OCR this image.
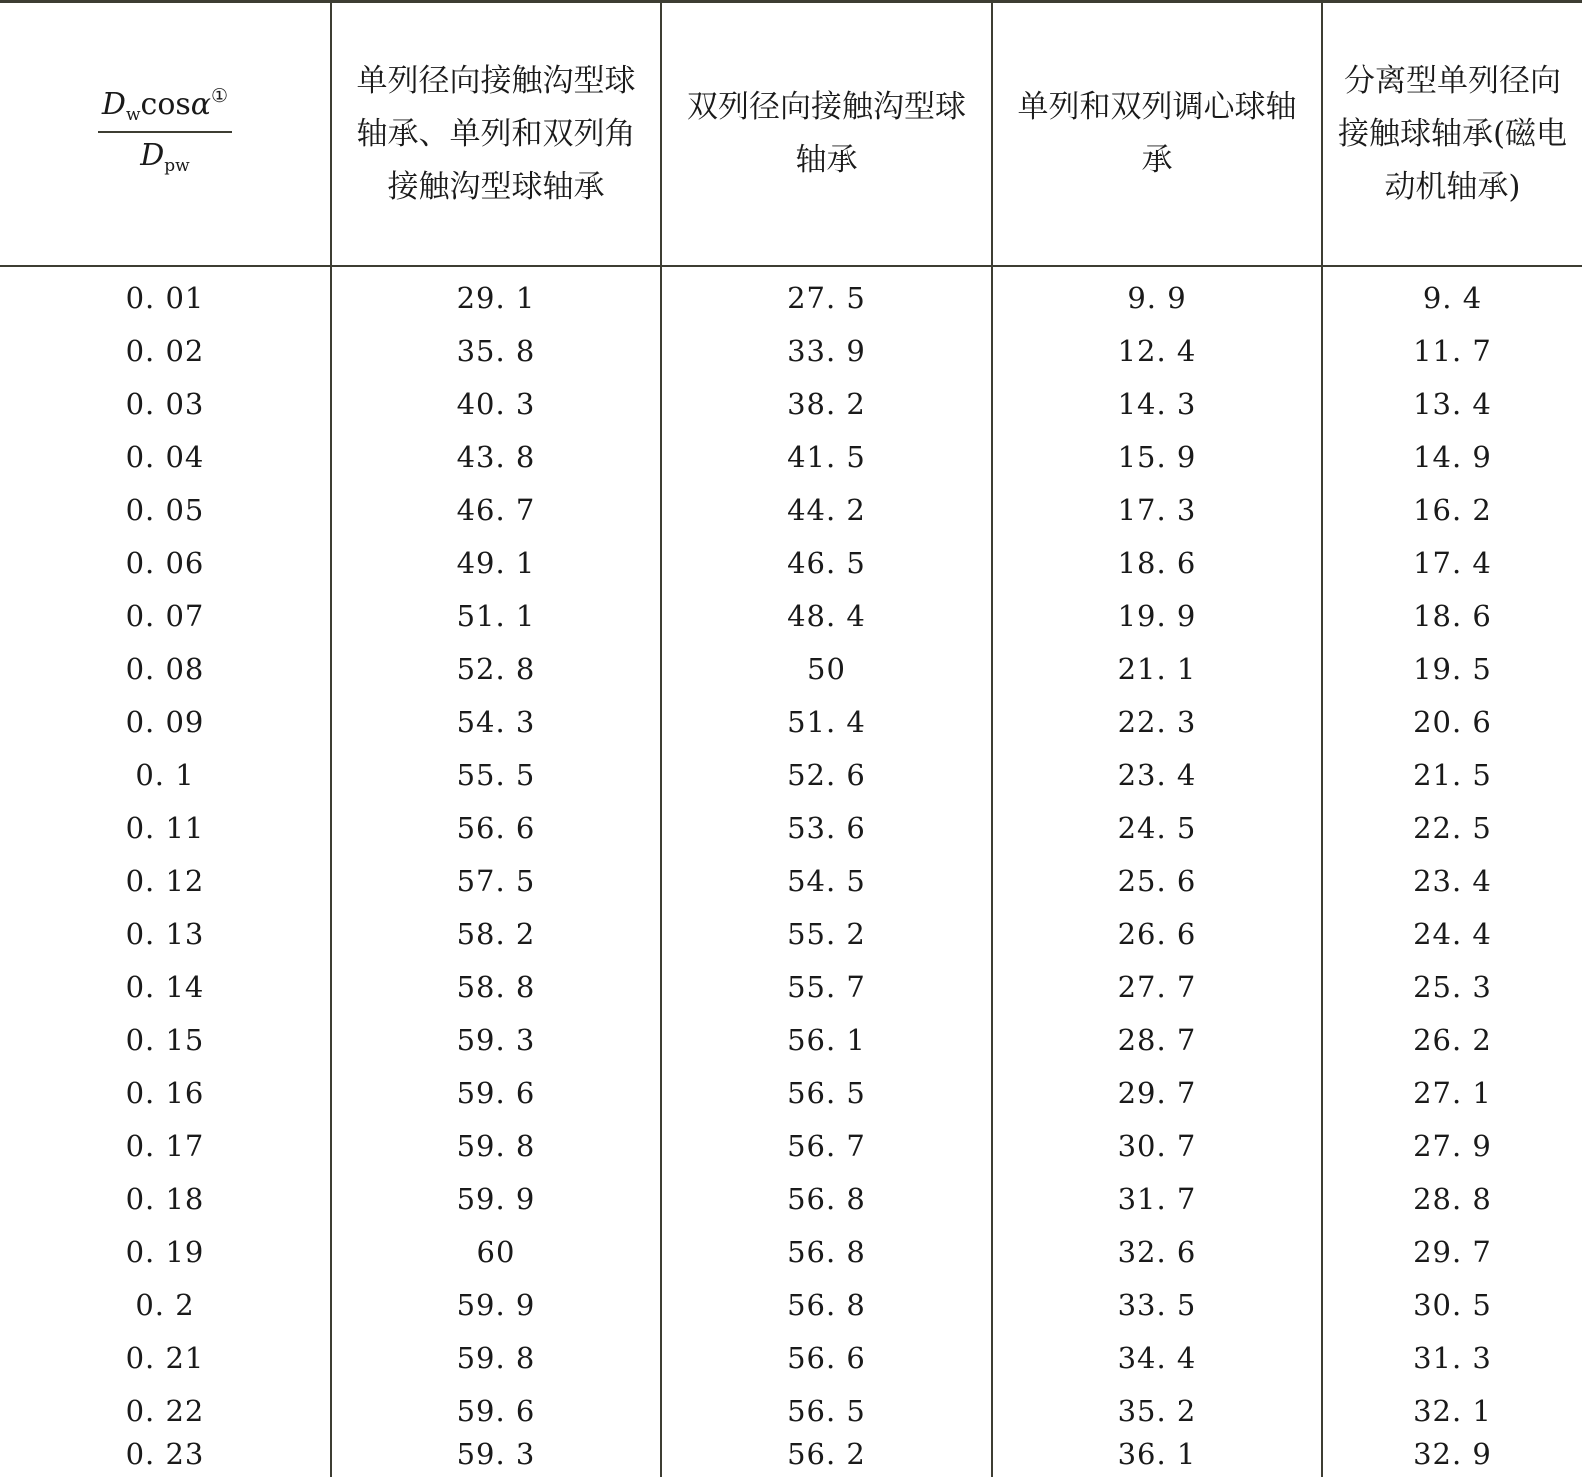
$\frac{D_w\cos\alpha^①}{D_{pw}}$	单列径向接触沟型球轴承、单列和双列角接触沟型球轴承	双列径向接触沟型球轴承	单列和双列调心球轴承	分离型单列径向接触球轴承(磁电动机轴承)
0. 01	29. 1	27. 5	9. 9	9. 4
0. 02	35. 8	33. 9	12. 4	11. 7
0. 03	40. 3	38. 2	14. 3	13. 4
0. 04	43. 8	41. 5	15. 9	14. 9
0. 05	46. 7	44. 2	17. 3	16. 2
0. 06	49. 1	46. 5	18. 6	17. 4
0. 07	51. 1	48. 4	19. 9	18. 6
0. 08	52. 8	50	21. 1	19. 5
0. 09	54. 3	51. 4	22. 3	20. 6
0. 1	55. 5	52. 6	23. 4	21. 5
0. 11	56. 6	53. 6	24. 5	22. 5
0. 12	57. 5	54. 5	25. 6	23. 4
0. 13	58. 2	55. 2	26. 6	24. 4
0. 14	58. 8	55. 7	27. 7	25. 3
0. 15	59. 3	56. 1	28. 7	26. 2
0. 16	59. 6	56. 5	29. 7	27. 1
0. 17	59. 8	56. 7	30. 7	27. 9
0. 18	59. 9	56. 8	31. 7	28. 8
0. 19	60	56. 8	32. 6	29. 7
0. 2	59. 9	56. 8	33. 5	30. 5
0. 21	59. 8	56. 6	34. 4	31. 3
0. 22	59. 6	56. 5	35. 2	32. 1
0. 23	59. 3	56. 2	36. 1	32. 9
